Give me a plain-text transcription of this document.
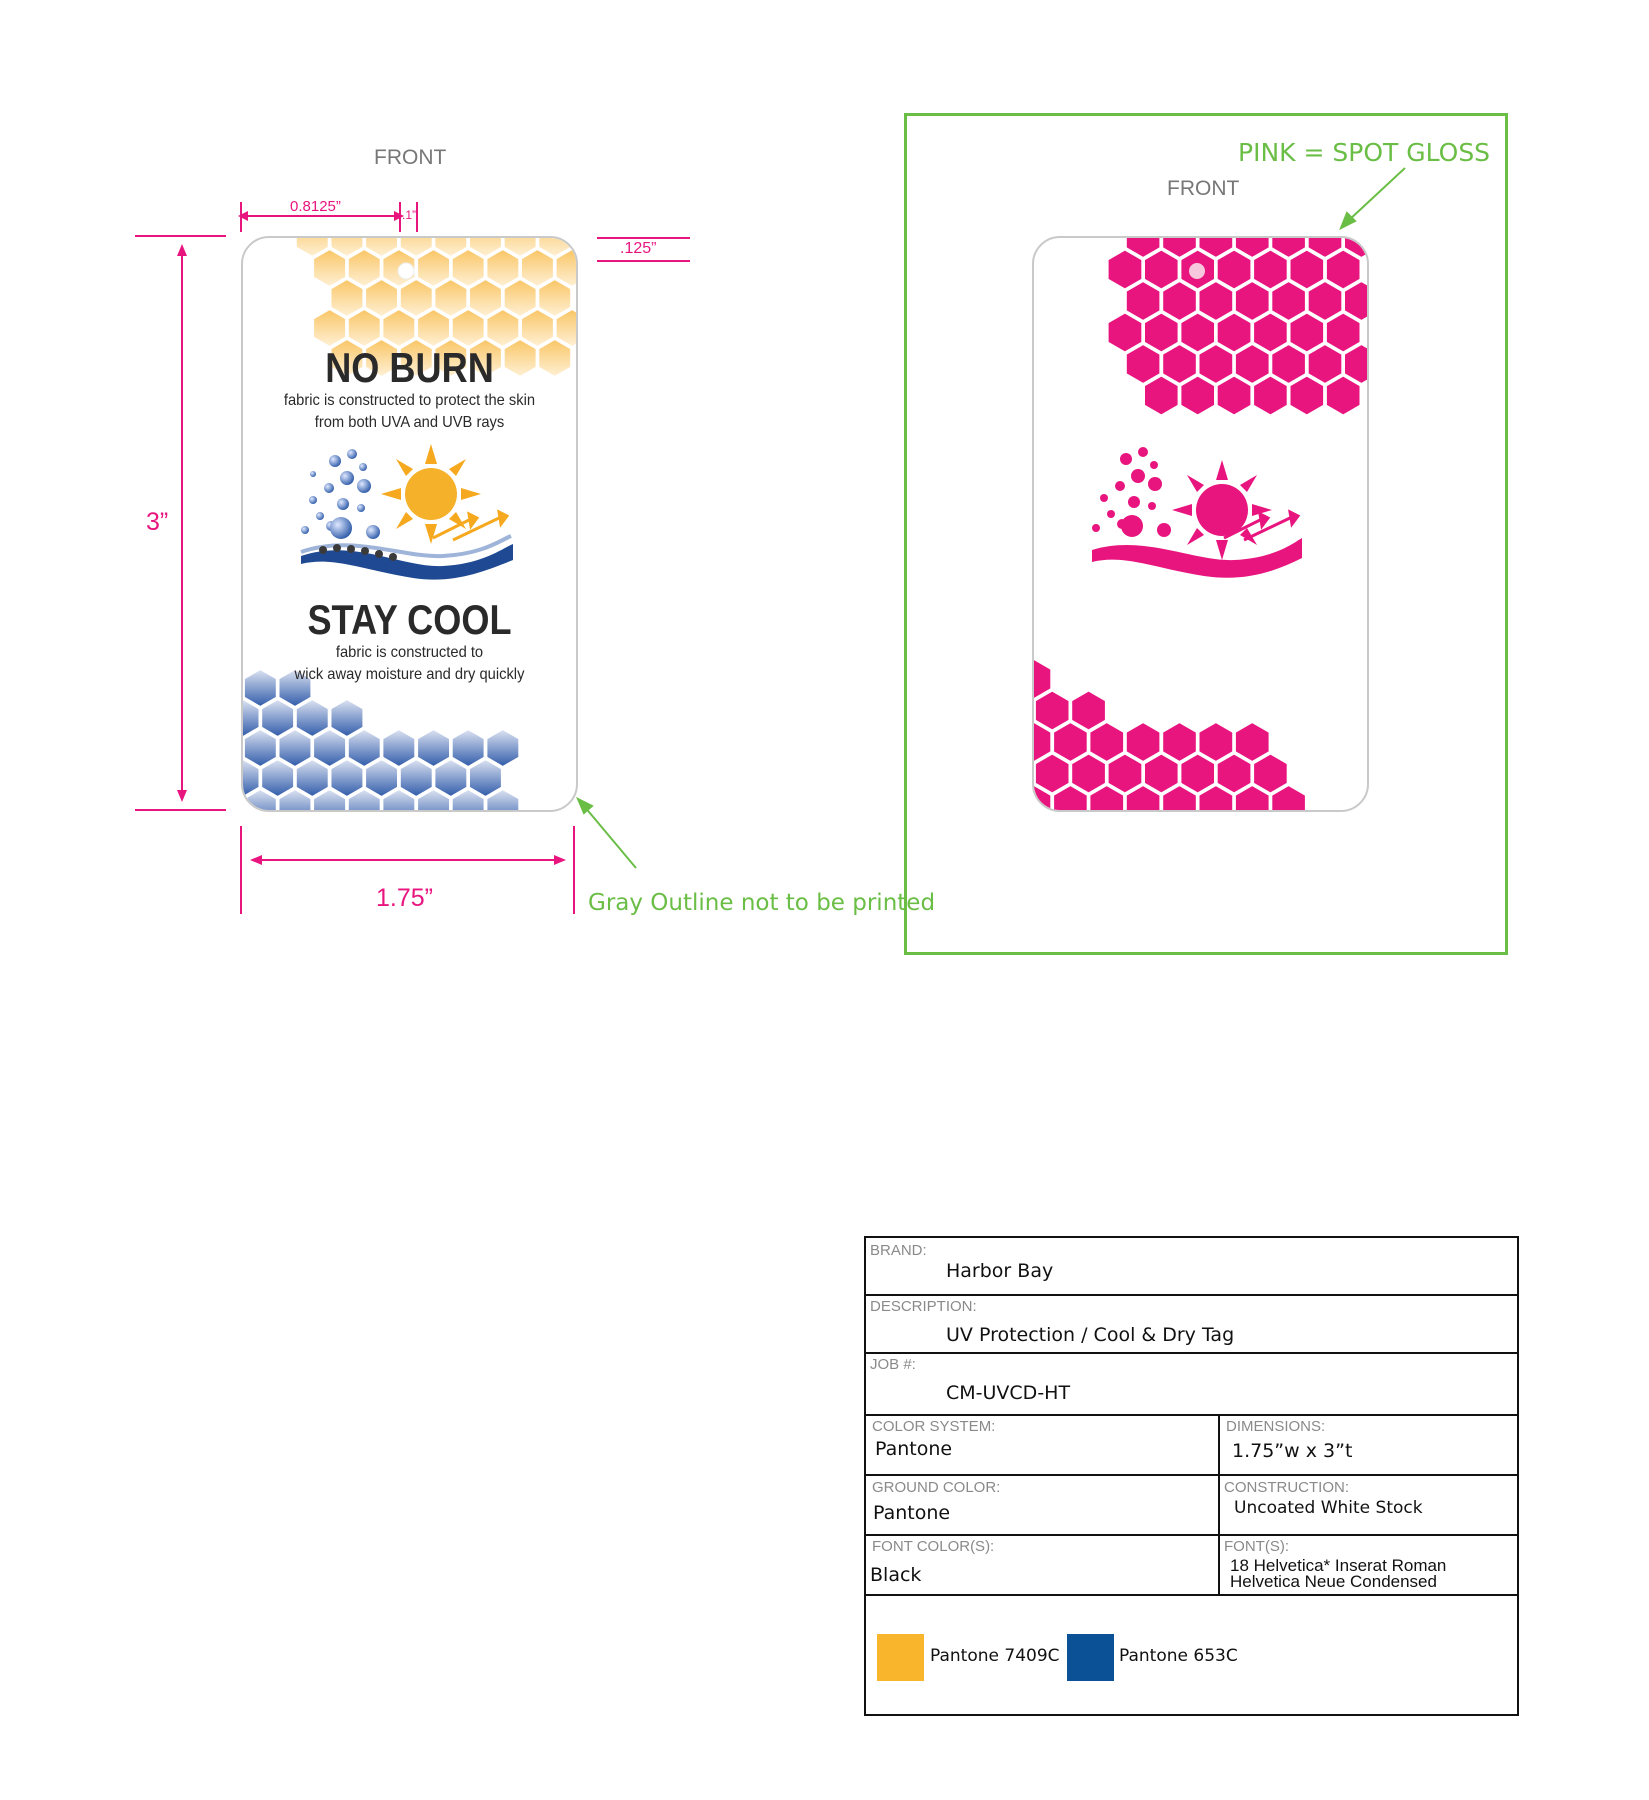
FRONT
0.8125”	.1”
.125”
3”
1.75”	Gray Outline not to be printed
NO BURN
fabric is constructed to protect the skin
from both UVA and UVB rays
STAY COOL
fabric is constructed to
wick away moisture and dry quickly
PINK = SPOT GLOSS
FRONT
BRAND:
Harbor Bay
DESCRIPTION:
UV Protection / Cool & Dry Tag
JOB #:
CM-UVCD-HT
COLOR SYSTEM:
Pantone
DIMENSIONS:
1.75”w x 3”t
GROUND COLOR:
Pantone
CONSTRUCTION:
Uncoated White Stock
FONT COLOR(S):
Black
FONT(S):
18 Helvetica* Inserat Roman
Helvetica Neue Condensed
Pantone 7409C	Pantone 653C
